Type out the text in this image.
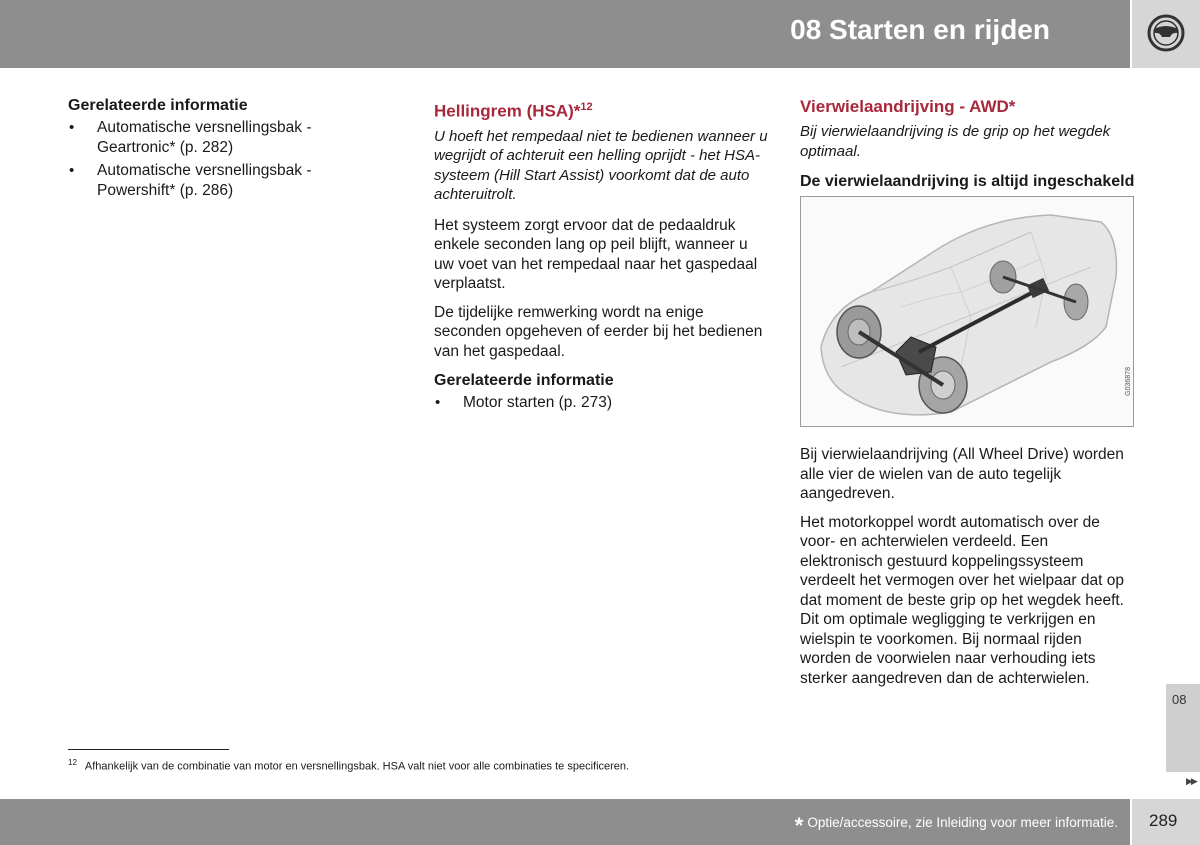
08 Starten en rijden
Gerelateerde informatie
• Automatische versnellingsbak - Geartronic* (p. 282)
• Automatische versnellingsbak - Powershift* (p. 286)
Hellingrem (HSA)*$^{12}$

U hoeft het rempedaal niet te bedienen wanneer u wegrijdt of achteruit een helling oprijdt - het HSA-systeem (Hill Start Assist) voorkomt dat de auto achteruitrolt.

Het systeem zorgt ervoor dat de pedaaldruk enkele seconden lang op peil blijft, wanneer u uw voet van het rempedaal naar het gaspedaal verplaatst.

De tijdelijke remwerking wordt na enige seconden opgeheven of eerder bij het bedienen van het gaspedaal.

Gerelateerde informatie
• Motor starten (p. 273)
Vierwielaandrijving - AWD*

Bij vierwielaandrijving is de grip op het wegdek optimaal.

De vierwielaandrijving is altijd ingeschakeld
G036878

Bij vierwielaandrijving (All Wheel Drive) worden alle vier de wielen van de auto tegelijk aangedreven.

Het motorkoppel wordt automatisch over de voor- en achterwielen verdeeld. Een elektronisch gestuurd koppelingssysteem verdeelt het vermogen over het wielpaar dat op dat moment de beste grip op het wegdek heeft. Dit om optimale wegligging te verkrijgen en wielspin te voorkomen. Bij normaal rijden worden de voorwielen naar verhouding iets sterker aangedreven dan de achterwielen.

$^{12}$ Afhankelijk van de combinatie van motor en versnellingsbak. HSA valt niet voor alle combinaties te specificeren.
08
▶▶
* Optie/accessoire, zie Inleiding voor meer informatie. 289
